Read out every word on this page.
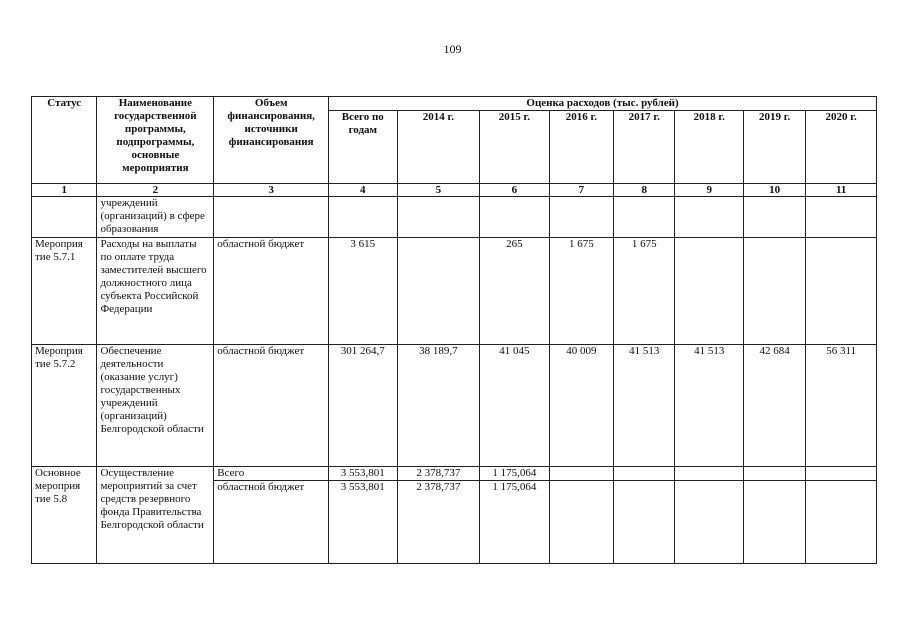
109
Статус	Наименование государственной программы, подпрограммы, основные мероприятия	Объем финансирования, источники финансирования	Оценка расходов (тыс. рублей)							
			Всего по годам	2014 г.	2015 г.	2016 г.	2017 г.	2018 г.	2019 г.	2020 г.
1	2	3	4	5	6	7	8	9	10	11
	учреждений (организаций) в сфере образования									
Мероприя тие 5.7.1	Расходы на выплаты по оплате труда заместителей высшего должностного лица субъекта Российской Федерации	областной бюджет	3 615		265	1 675	1 675			
Мероприя тие 5.7.2	Обеспечение деятельности (оказание услуг) государственных учреждений (организаций) Белгородской области	областной бюджет	301 264,7	38 189,7	41 045	40 009	41 513	41 513	42 684	56 311
Основное мероприя тие 5.8	Осуществление мероприятий за счет средств резервного фонда Правительства Белгородской области	Всего	3 553,801	2 378,737	1 175,064					
		областной бюджет	3 553,801	2 378,737	1 175,064					
